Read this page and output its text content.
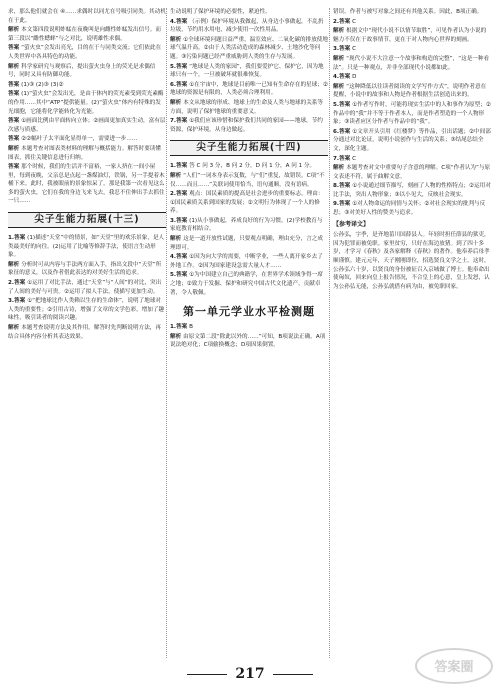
求，那么他们就会在 ④……求偶时以同尤在号吸引同类。其动机在于此。

解析 本文第四段说明蚱蜢在夜晚叫是向雌性蚱蜢发出信号。而第三段以“雌性蟋蟀”与之对比，说明雄性求偶。

答案 “萤火虫”会发出亮光，目的在于与同类交流；它们依此在人类世界中各具特色的功能。

解析 科学家研究与观察后，提出萤火虫身上的荧光是求偶信号，同时又具有防御功能。

答案 (1)③ (2)③ (3)②

答案 (1)“萤火虫”会发出光，是由于体内的荧光素受到荧光素酶的作用……其中“ATP”提供能量。(2)“萤火虫”体内有特殊的发光细胞，它能将化学能转化为光能。

答案 ①画面比例由平面转向立体；②画面更加真实生动，富有层次感与质感。

答案 ②②幅叶子太平面化显得单一，需要进一步……

解析 本题考查对图表类材料的理解与概括能力。解答时要读懂图表，抓住关键信息进行归纳。

答案 那个时候，我们的生活并不富裕，一家人挤在一间小屋里，每到夜晚，父亲总是点起一盏煤油灯，铁锅，另一手提着木桶下来。此时，我被眼前的景象惊呆了，那是我第一次看见这么多的萤火虫，它们在我的身边飞来飞去，我忍不住伸出手去抓住一只……

尖子生能力拓展(十三)

1.答案 (1)描述“天堂”中的情景，如“天堂”里的欢乐景象，是人类最美好的向往。(2)运用了比喻等修辞手法，使语言生动形象。

解析 分析时可从内容与手法两方面入手，指出文段中“天堂”所象征的意义，以及作者借此表达的对美好生活的追求。

2.答案 ①运用了对比手法，通过“天堂”与“人间”的对比，突出了人间的美好与可贵。②运用了拟人手法，使描写更加生动。

3.答案 ①“把地球比作人类赖以生存的生命体”，说明了地球对人类的重要性；②引用古诗，增强了文章的文学色彩，增加了趣味性，吸引读者的阅读兴趣。

解析 本题考查说明方法及其作用。解答时先判断说明方法，再结合具体内容分析其表达效果。

生动说明了保护环境的必要性，紧迫性。

4.答案 （示例）保护环境从我做起，从身边小事做起，不乱扔垃圾，节约用水用电，减少使用一次性用品。

解析 ①全球环境问题日益严重，温室效应、二氧化碳的排放使地球气温升高。②由于人类活动造成的森林减少、土地沙化等问题。③污染问题已经严重威胁到人类的生存与发展。

5.答案 “地球是人类的家园”，我们要爱护它、保护它，因为地球只有一个，一旦被破坏就很难恢复。

6.答案 ①在宇宙中，地球是目前唯一已知有生命存在的星球；②地球的资源是有限的，人类必须合理利用。

解析 本文从地球的形成、地球上的生命及人类与地球的关系等方面，说明了保护地球的重要意义。

7.答案 ①我们应该珍惜和保护我们共同的家园——地球，节约资源，保护环境，从身边做起。

尖子生能力拓展(十四)

1.答案 答 C 问 3 分，B 问 2 分，D 问 1 分，A 问 1 分。

解析 “人们”一词本身表示复数，与“们”重复，故错误。C项“不仅……而且……”关联词使用恰当，语句通顺，没有语病。

2.答案 观点：国民素质的提高是社会进步的重要标志。理由：①国民素质关系到国家的发展；②文明行为体现了一个人的修养。

3.答案 (1)从小事做起，养成良好的行为习惯。(2)学校教育与家庭教育相结合。

解析 这是一道开放性试题，只要观点明确，理由充分，言之成理即可。

4.答案 ①因为向大学的需要，中断学业，一些人离开家乡去了外地工作。②因为国家建设急需大量人才……

5.答案 ①为中国建立自己的典籍学，在世界学术领域争得一席之地；②致力于发掘、保护和研究中国古代文化遗产，贡献卓著，令人敬佩。

第一单元学业水平检测题

1.答案 B

解析 由原文第二段“除此以外的……”可知，B项说法正确。A项说法绝对化；C项偷换概念；D项因果倒置。

错误。作者与被写对象之间还有其他关系。因此，B项正确。

2.答案 C

解析 根据文中“现代小说不以情节取胜”，可见作者认为小说的魅力不仅在于故事情节，更在于对人物内心世界的刻画。

3.答案 C

解析 “现代小说不大注意一个故事和构造的完整”，“这是一种看法”。只是一种观点，并非全部现代小说都如此。

4.答案 D

解析 “这种降低以往读者阅读的文学写作方式”，说明作者意在提醒，小说中的故事和人物是作者根据生活创造出来的。

5.答案 ①作者写作时，可能将现实生活中的人和事作为原型；②作品中的“我”并不等于作者本人，而是作者塑造的一个人物形象；③读者应区分作者与作品中的“我”。

6.答案 ①文章开头引用《红楼梦》等作品，引出话题；②中间部分通过对比论证，说明小说创作与生活的关系；③结尾总结全文，深化主题。

7.答案 C

解析 本题考查对文中重要句子含意的理解。C项“作者认为”与原文表述不符，属于曲解文意。

8.答案 ①小说通过细节描写，刻画了人物的性格特点；②运用对比手法，突出人物形象；③以小见大，反映社会现实。

9.答案 ①对人物命运的同情与关怀；②对社会现实的批判与反思；③对美好人性的赞美与追求。

【参考译文】

公孙弘，字季，是齐地菑川国薛县人。年轻时担任薛县的狱吏，因为犯罪而被免职。家里贫穷，只好在海边放猪。到了四十多岁，才学习《春秋》及各家解释《春秋》的著作。他奉养后母孝顺谨慎。建元元年，天子刚刚即位，招选贤良文学之士。这时，公孙弘六十岁，以贤良的身份被征召入京城做了博士。他奉命出使匈奴，回来向皇上报告情况，不合皇上的心意，皇上发怒，认为公孙弘无能，公孙弘就借有病为由，被免职回家。

217	答案圈
